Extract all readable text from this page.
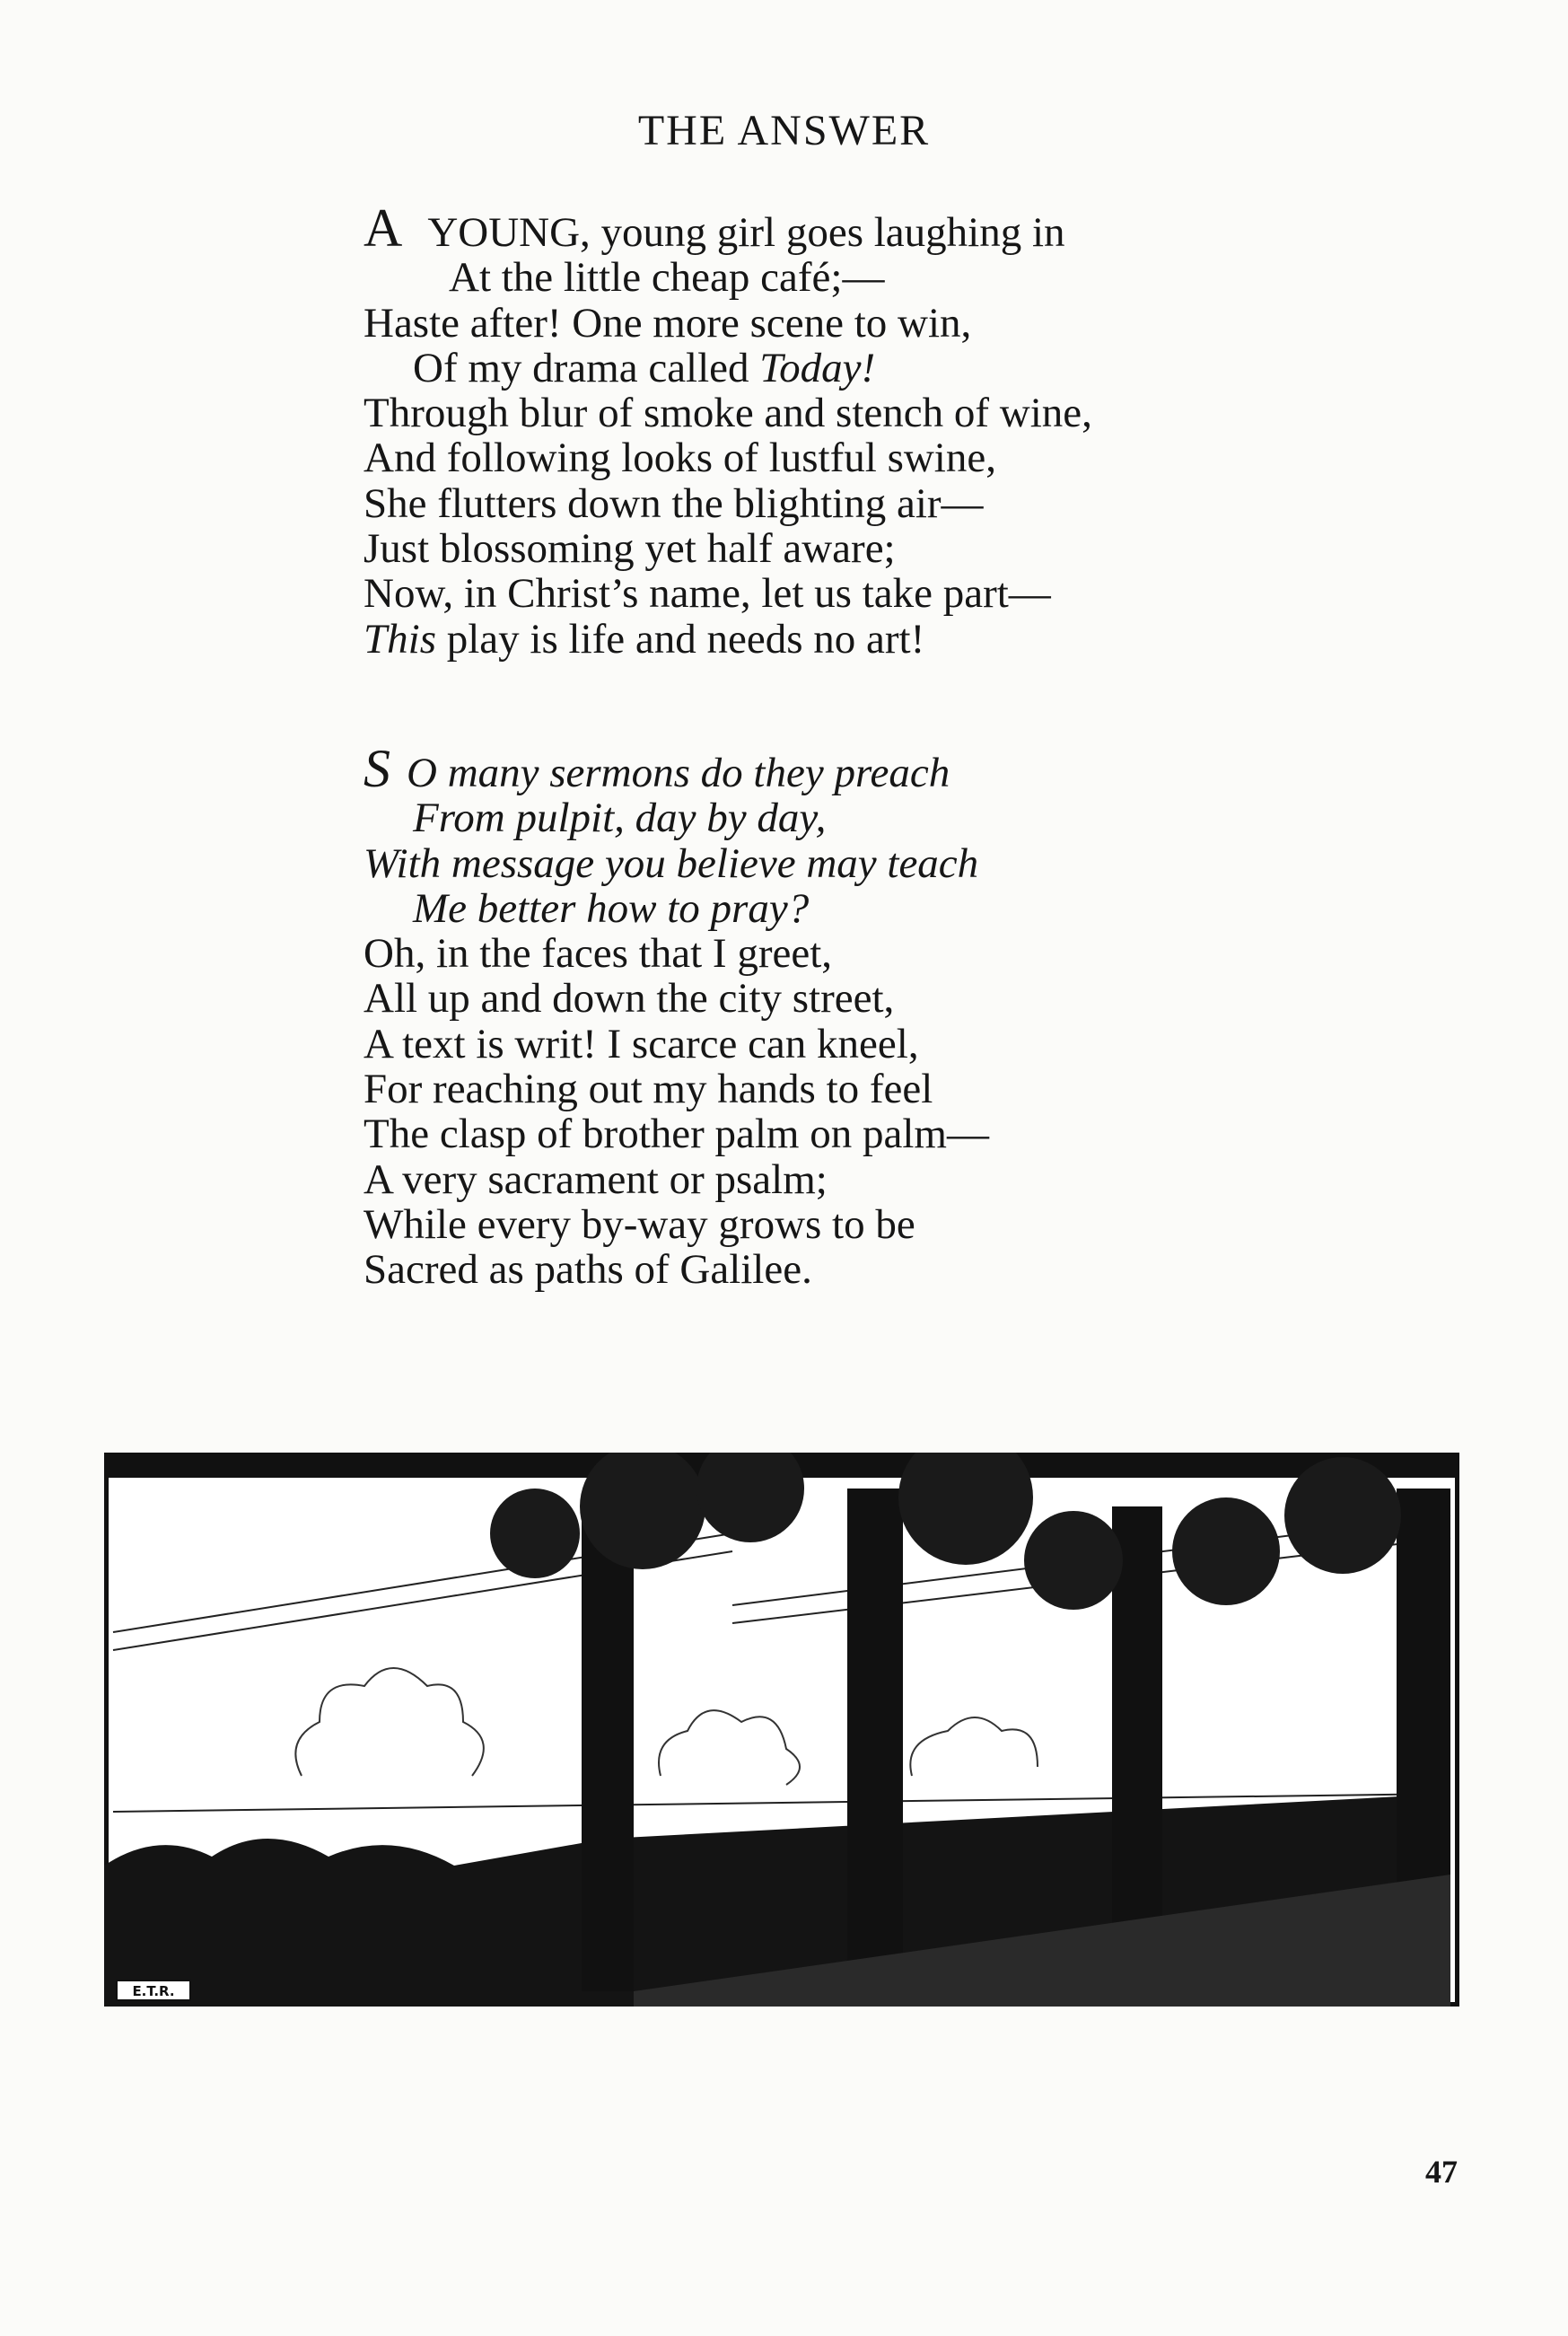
THE ANSWER
A YOUNG, young girl goes laughing in
At the little cheap café;—
Haste after! One more scene to win,
Of my drama called Today!
Through blur of smoke and stench of wine,
And following looks of lustful swine,
She flutters down the blighting air—
Just blossoming yet half aware;
Now, in Christ’s name, let us take part—
This play is life and needs no art!
S O many sermons do they preach
From pulpit, day by day,
With message you believe may teach
Me better how to pray?
Oh, in the faces that I greet,
All up and down the city street,
A text is writ! I scarce can kneel,
For reaching out my hands to feel
The clasp of brother palm on palm—
A very sacrament or psalm;
While every by-way grows to be
Sacred as paths of Galilee.
E.T.R.
47
